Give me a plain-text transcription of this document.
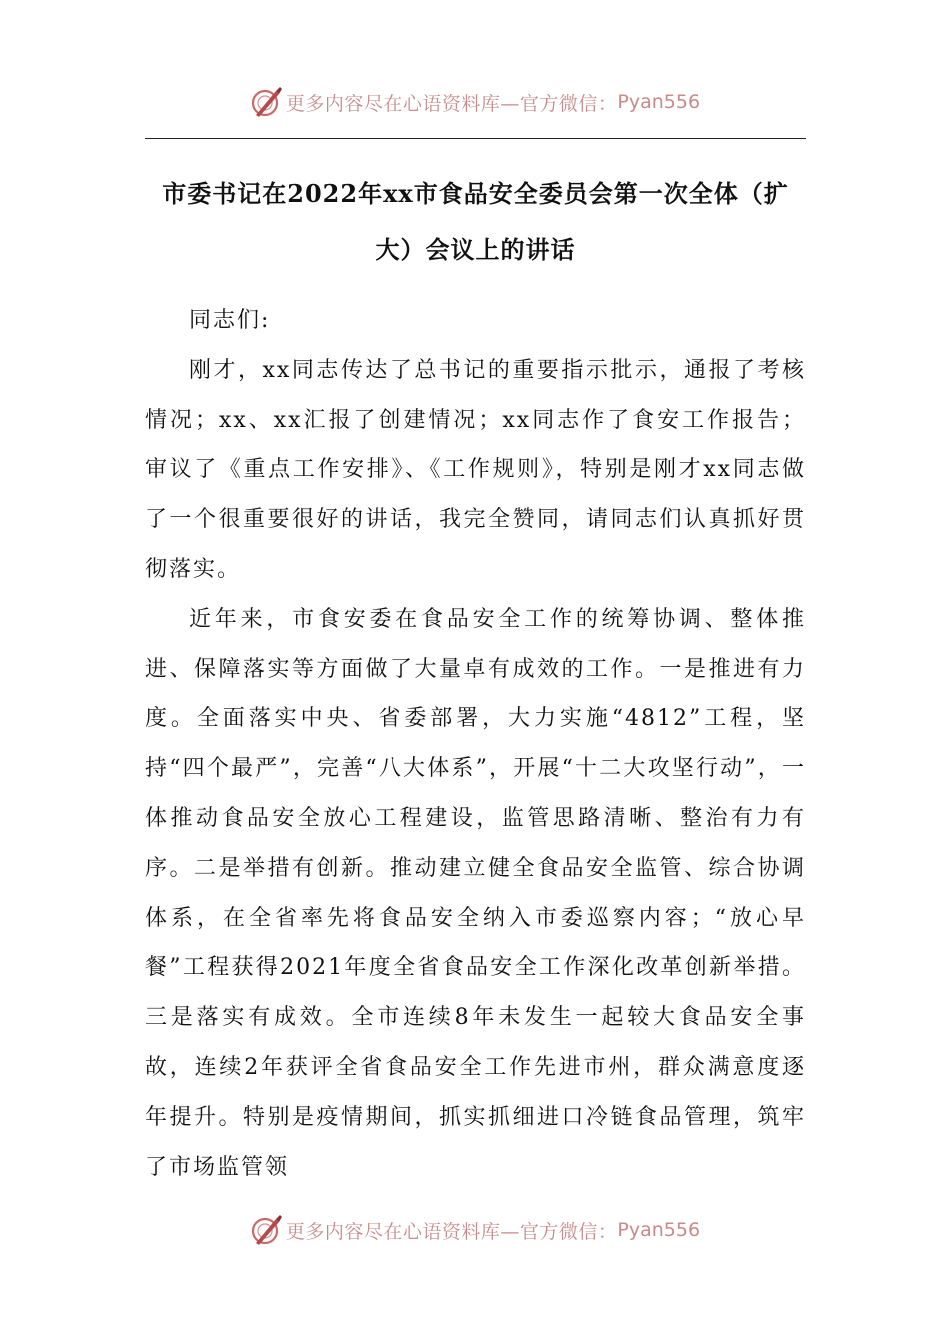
更多内容尽在心语资料库—官方微信： Pyan556
市委书记在2022年xx市食品安全委员会第一次全体（扩大）会议上的讲话

同志们:

刚才，xx同志传达了总书记的重要指示批示，通报了考核情况；xx、xx汇报了创建情况；xx同志作了食安工作报告；审议了《重点工作安排》、《工作规则》，特别是刚才xx同志做了一个很重要很好的讲话，我完全赞同，请同志们认真抓好贯彻落实。

近年来，市食安委在食品安全工作的统筹协调、整体推进、保障落实等方面做了大量卓有成效的工作。一是推进有力度。全面落实中央、省委部署，大力实施“4812”工程，坚持“四个最严”，完善“八大体系”，开展“十二大攻坚行动”，一体推动食品安全放心工程建设，监管思路清晰、整治有力有序。二是举措有创新。推动建立健全食品安全监管、综合协调体系，在全省率先将食品安全纳入市委巡察内容；“放心早餐”工程获得2021年度全省食品安全工作深化改革创新举措。三是落实有成效。全市连续8年未发生一起较大食品安全事故，连续2年获评全省食品安全工作先进市州，群众满意度逐年提升。特别是疫情期间，抓实抓细进口冷链食品管理，筑牢了市场监管领

更多内容尽在心语资料库—官方微信： Pyan556
